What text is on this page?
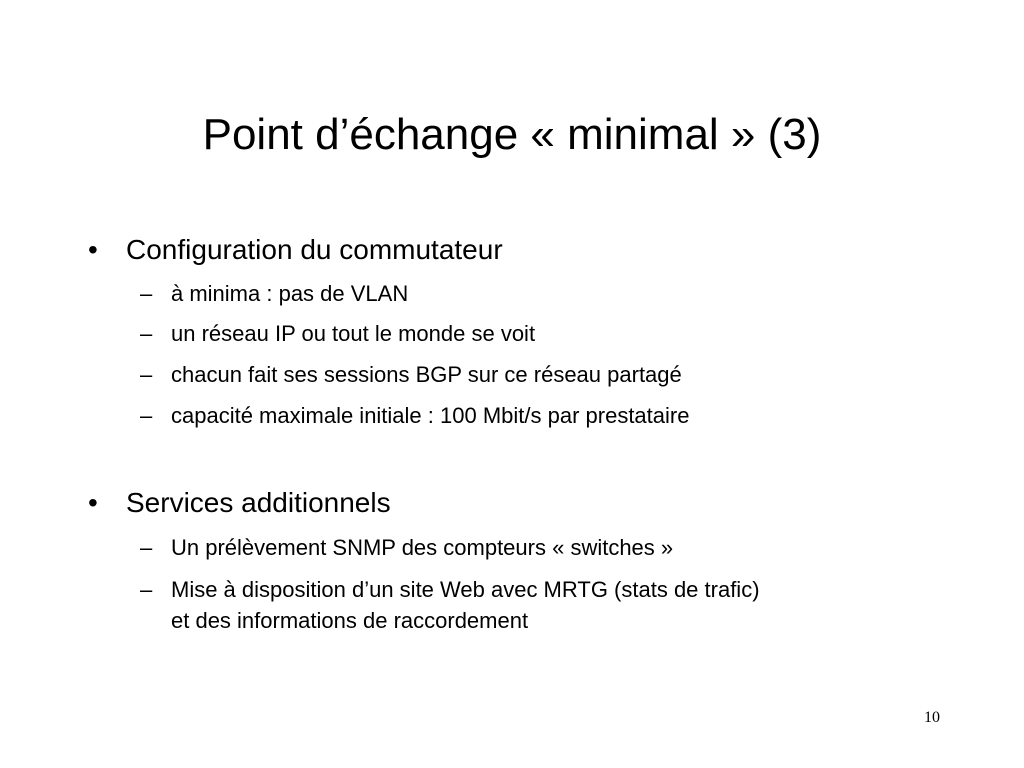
Point d’échange « minimal » (3)
•	Configuration du commutateur
– à minima : pas de VLAN
– un réseau IP ou tout le monde se voit
– chacun fait ses sessions BGP sur ce réseau partagé
– capacité maximale initiale : 100 Mbit/s par prestataire
•	Services additionnels
– Un prélèvement SNMP des compteurs « switches »
– Mise à disposition d’un site Web avec MRTG (stats de trafic)
et des informations de raccordement
10
